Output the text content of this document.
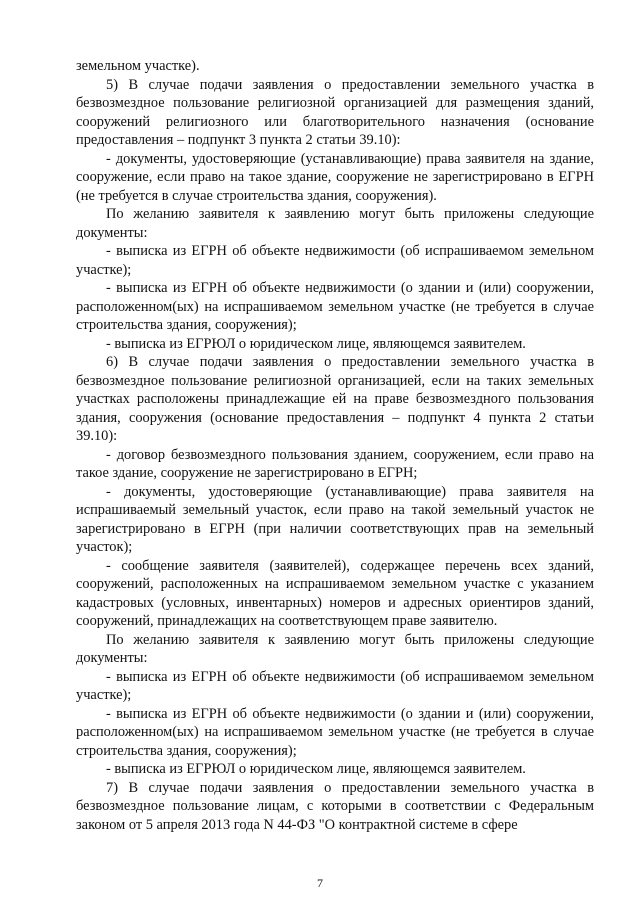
земельном участке).

5) В случае подачи заявления о предоставлении земельного участка в безвозмездное пользование религиозной организацией для размещения зданий, сооружений религиозного или благотворительного назначения (основание предоставления – подпункт 3 пункта 2 статьи 39.10):

- документы, удостоверяющие (устанавливающие) права заявителя на здание, сооружение, если право на такое здание, сооружение не зарегистрировано в ЕГРН (не требуется в случае строительства здания, сооружения).

По желанию заявителя к заявлению могут быть приложены следующие документы:

- выписка из ЕГРН об объекте недвижимости (об испрашиваемом земельном участке);

- выписка из ЕГРН об объекте недвижимости (о здании и (или) сооружении, расположенном(ых) на испрашиваемом земельном участке (не требуется в случае строительства здания, сооружения);

- выписка из ЕГРЮЛ о юридическом лице, являющемся заявителем.

6) В случае подачи заявления о предоставлении земельного участка в безвозмездное пользование религиозной организацией, если на таких земельных участках расположены принадлежащие ей на праве безвозмездного пользования здания, сооружения (основание предоставления – подпункт 4 пункта 2 статьи 39.10):

- договор безвозмездного пользования зданием, сооружением, если право на такое здание, сооружение не зарегистрировано в ЕГРН;

- документы, удостоверяющие (устанавливающие) права заявителя на испрашиваемый земельный участок, если право на такой земельный участок не зарегистрировано в ЕГРН (при наличии соответствующих прав на земельный участок);

- сообщение заявителя (заявителей), содержащее перечень всех зданий, сооружений, расположенных на испрашиваемом земельном участке с указанием кадастровых (условных, инвентарных) номеров и адресных ориентиров зданий, сооружений, принадлежащих на соответствующем праве заявителю.

По желанию заявителя к заявлению могут быть приложены следующие документы:

- выписка из ЕГРН об объекте недвижимости (об испрашиваемом земельном участке);

- выписка из ЕГРН об объекте недвижимости (о здании и (или) сооружении, расположенном(ых) на испрашиваемом земельном участке (не требуется в случае строительства здания, сооружения);

- выписка из ЕГРЮЛ о юридическом лице, являющемся заявителем.

7) В случае подачи заявления о предоставлении земельного участка в безвозмездное пользование лицам, с которыми в соответствии с Федеральным законом от 5 апреля 2013 года N 44-ФЗ "О контрактной системе в сфере

7
